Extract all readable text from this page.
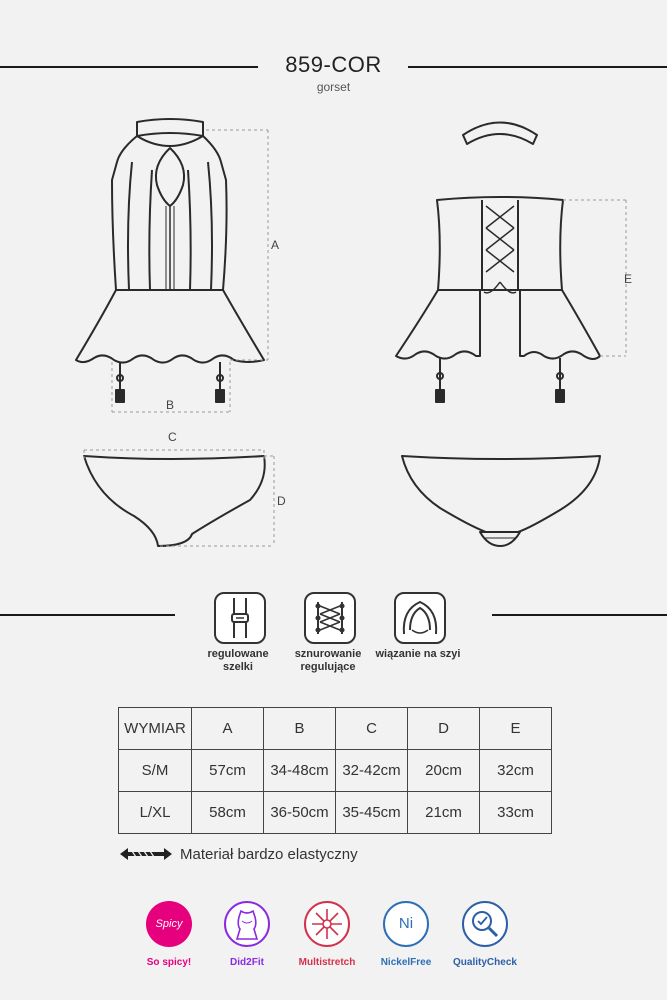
859-COR
gorset
A
B
C
D
E
regulowane
szelki
sznurowanie
regulujące
wiązanie na szyi
WYMIAR	A	B	C	D	E
S/M	57cm	34-48cm	32-42cm	20cm	32cm
L/XL	58cm	36-50cm	35-45cm	21cm	33cm
Materiał bardzo elastyczny
Spicy	Ni
So spicy!	Did2Fit	Multistretch	NickelFree	QualityCheck
